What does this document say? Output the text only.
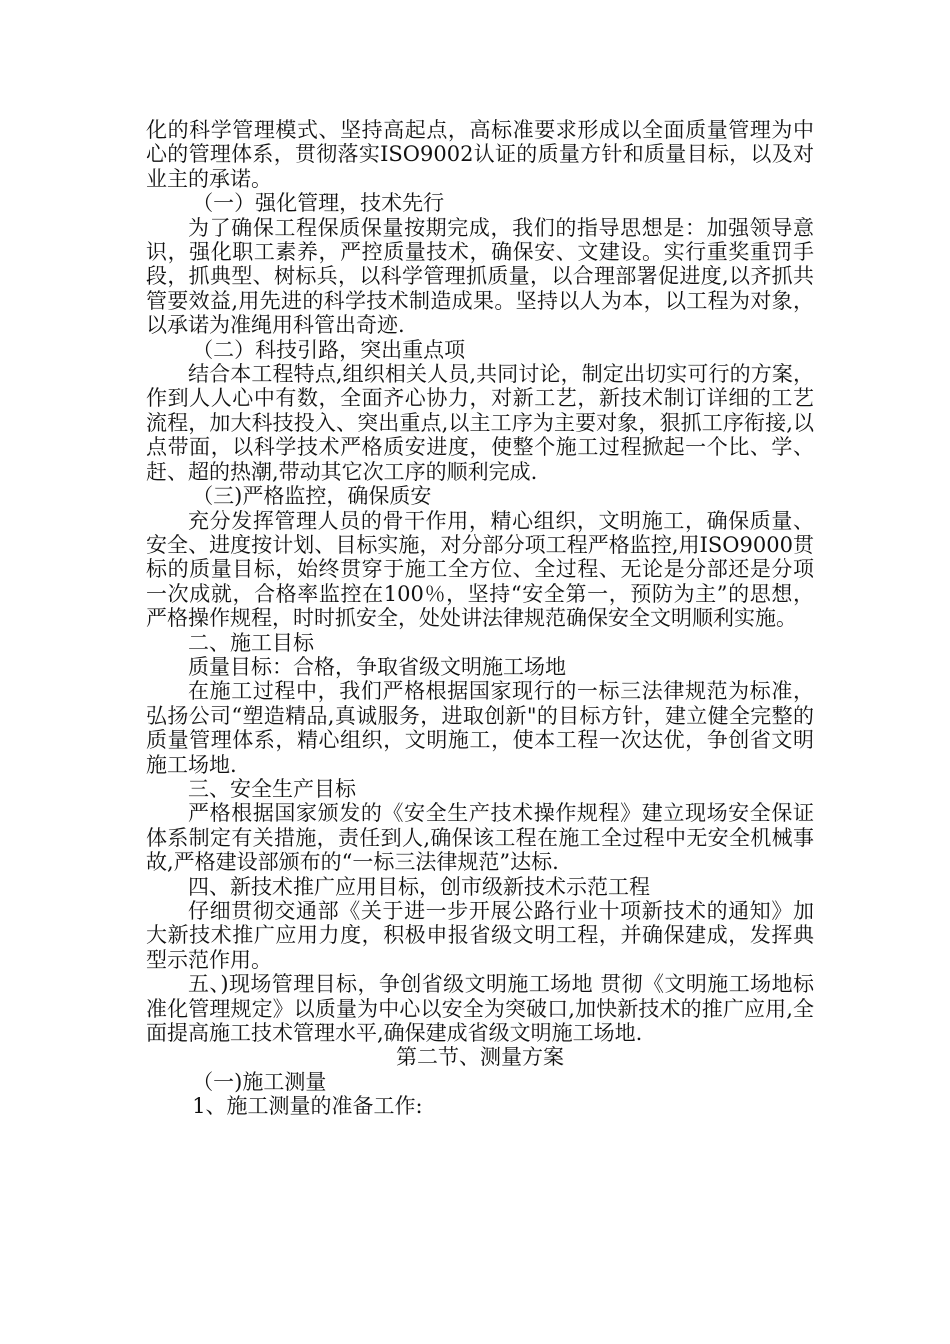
化的科学管理模式、坚持高起点，高标准要求形成以全面质量管理为中心的管理体系，贯彻落实ISO9002认证的质量方针和质量目标，以及对业主的承诺。

（一）强化管理，技术先行

为了确保工程保质保量按期完成，我们的指导思想是：加强领导意识，强化职工素养，严控质量技术，确保安、文建设。实行重奖重罚手段，抓典型、树标兵，以科学管理抓质量，以合理部署促进度,以齐抓共管要效益,用先进的科学技术制造成果。坚持以人为本，以工程为对象，以承诺为准绳用科管出奇迹.

（二）科技引路，突出重点项

结合本工程特点,组织相关人员,共同讨论，制定出切实可行的方案，作到人人心中有数，全面齐心协力，对新工艺，新技术制订详细的工艺流程，加大科技投入、突出重点,以主工序为主要对象，狠抓工序衔接,以点带面，以科学技术严格质安进度，使整个施工过程掀起一个比、学、赶、超的热潮,带动其它次工序的顺利完成.

（三)严格监控，确保质安

充分发挥管理人员的骨干作用，精心组织，文明施工，确保质量、安全、进度按计划、目标实施，对分部分项工程严格监控,用ISO9000贯标的质量目标，始终贯穿于施工全方位、全过程、无论是分部还是分项一次成就，合格率监控在100％，坚持“安全第一，预防为主”的思想，严格操作规程，时时抓安全，处处讲法律规范确保安全文明顺利实施。

二、施工目标

质量目标：合格，争取省级文明施工场地

在施工过程中，我们严格根据国家现行的一标三法律规范为标准，弘扬公司“塑造精品,真诚服务，进取创新"的目标方针，建立健全完整的质量管理体系，精心组织，文明施工，使本工程一次达优，争创省文明施工场地.

三、安全生产目标

严格根据国家颁发的《安全生产技术操作规程》建立现场安全保证体系制定有关措施，责任到人,确保该工程在施工全过程中无安全机械事故,严格建设部颁布的“一标三法律规范”达标.

四、新技术推广应用目标，创市级新技术示范工程

仔细贯彻交通部《关于进一步开展公路行业十项新技术的通知》加大新技术推广应用力度，积极申报省级文明工程，并确保建成，发挥典型示范作用。

五、)现场管理目标，争创省级文明施工场地 贯彻《文明施工场地标准化管理规定》以质量为中心以安全为突破口,加快新技术的推广应用,全面提高施工技术管理水平,确保建成省级文明施工场地.

第二节、测量方案

（一)施工测量

1、施工测量的准备工作:
